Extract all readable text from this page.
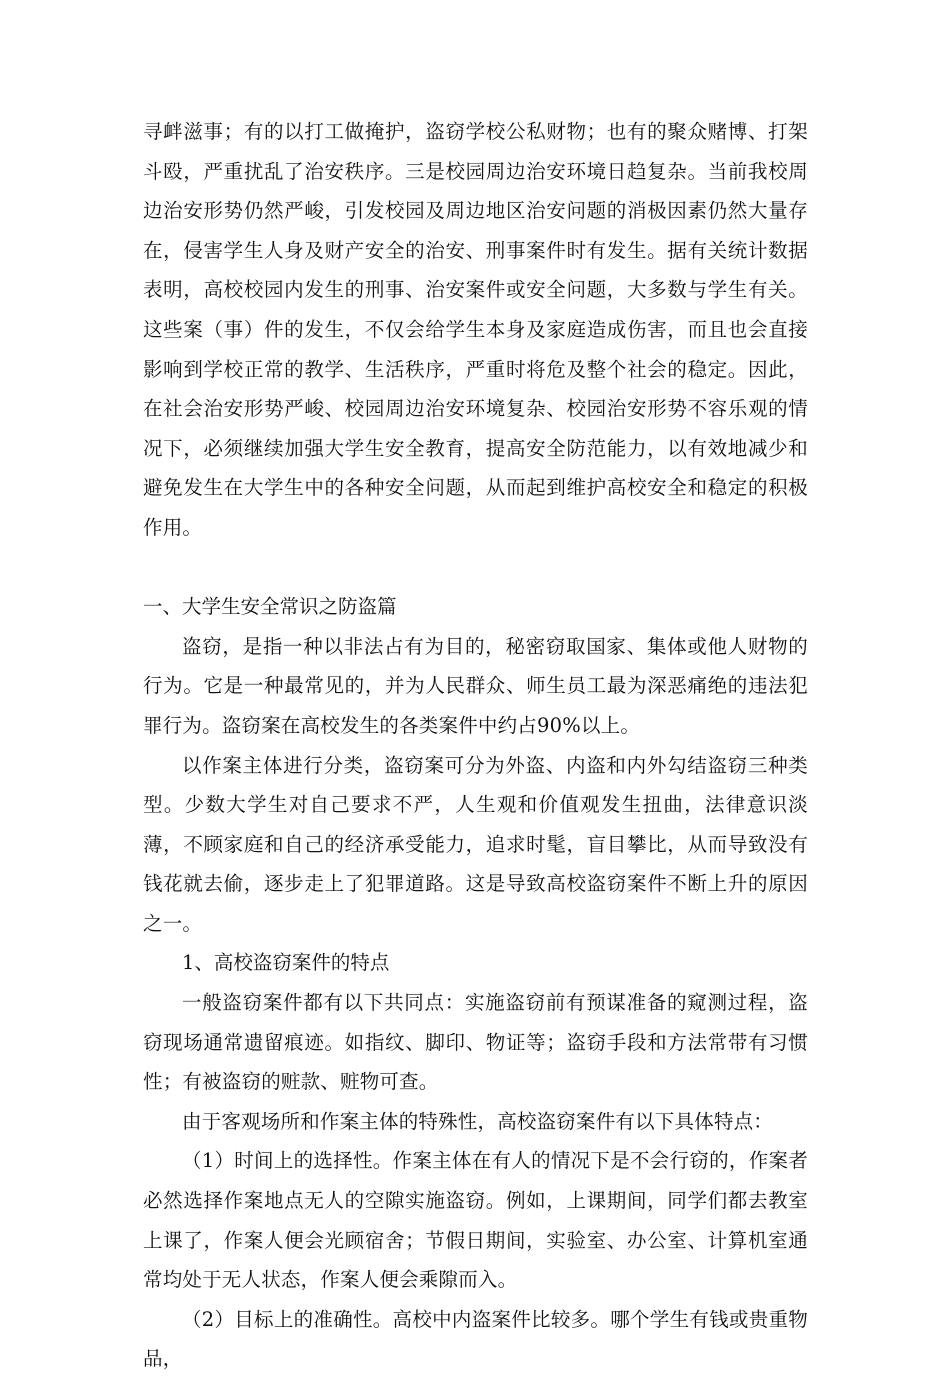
寻衅滋事；有的以打工做掩护，盗窃学校公私财物；也有的聚众赌博、打架斗殴，严重扰乱了治安秩序。三是校园周边治安环境日趋复杂。当前我校周边治安形势仍然严峻，引发校园及周边地区治安问题的消极因素仍然大量存在，侵害学生人身及财产安全的治安、刑事案件时有发生。据有关统计数据表明，高校校园内发生的刑事、治安案件或安全问题，大多数与学生有关。这些案（事）件的发生，不仅会给学生本身及家庭造成伤害，而且也会直接影响到学校正常的教学、生活秩序，严重时将危及整个社会的稳定。因此，在社会治安形势严峻、校园周边治安环境复杂、校园治安形势不容乐观的情况下，必须继续加强大学生安全教育，提高安全防范能力，以有效地减少和避免发生在大学生中的各种安全问题，从而起到维护高校安全和稳定的积极作用。

一、大学生安全常识之防盗篇

盗窃，是指一种以非法占有为目的，秘密窃取国家、集体或他人财物的行为。它是一种最常见的，并为人民群众、师生员工最为深恶痛绝的违法犯罪行为。盗窃案在高校发生的各类案件中约占90%以上。

以作案主体进行分类，盗窃案可分为外盗、内盗和内外勾结盗窃三种类型。少数大学生对自己要求不严，人生观和价值观发生扭曲，法律意识淡薄，不顾家庭和自己的经济承受能力，追求时髦，盲目攀比，从而导致没有钱花就去偷，逐步走上了犯罪道路。这是导致高校盗窃案件不断上升的原因之一。

1、高校盗窃案件的特点

一般盗窃案件都有以下共同点：实施盗窃前有预谋准备的窥测过程，盗窃现场通常遗留痕迹。如指纹、脚印、物证等；盗窃手段和方法常带有习惯性；有被盗窃的赃款、赃物可查。

由于客观场所和作案主体的特殊性，高校盗窃案件有以下具体特点：

（1）时间上的选择性。作案主体在有人的情况下是不会行窃的，作案者必然选择作案地点无人的空隙实施盗窃。例如，上课期间，同学们都去教室上课了，作案人便会光顾宿舍；节假日期间，实验室、办公室、计算机室通常均处于无人状态，作案人便会乘隙而入。

（2）目标上的准确性。高校中内盗案件比较多。哪个学生有钱或贵重物品，
